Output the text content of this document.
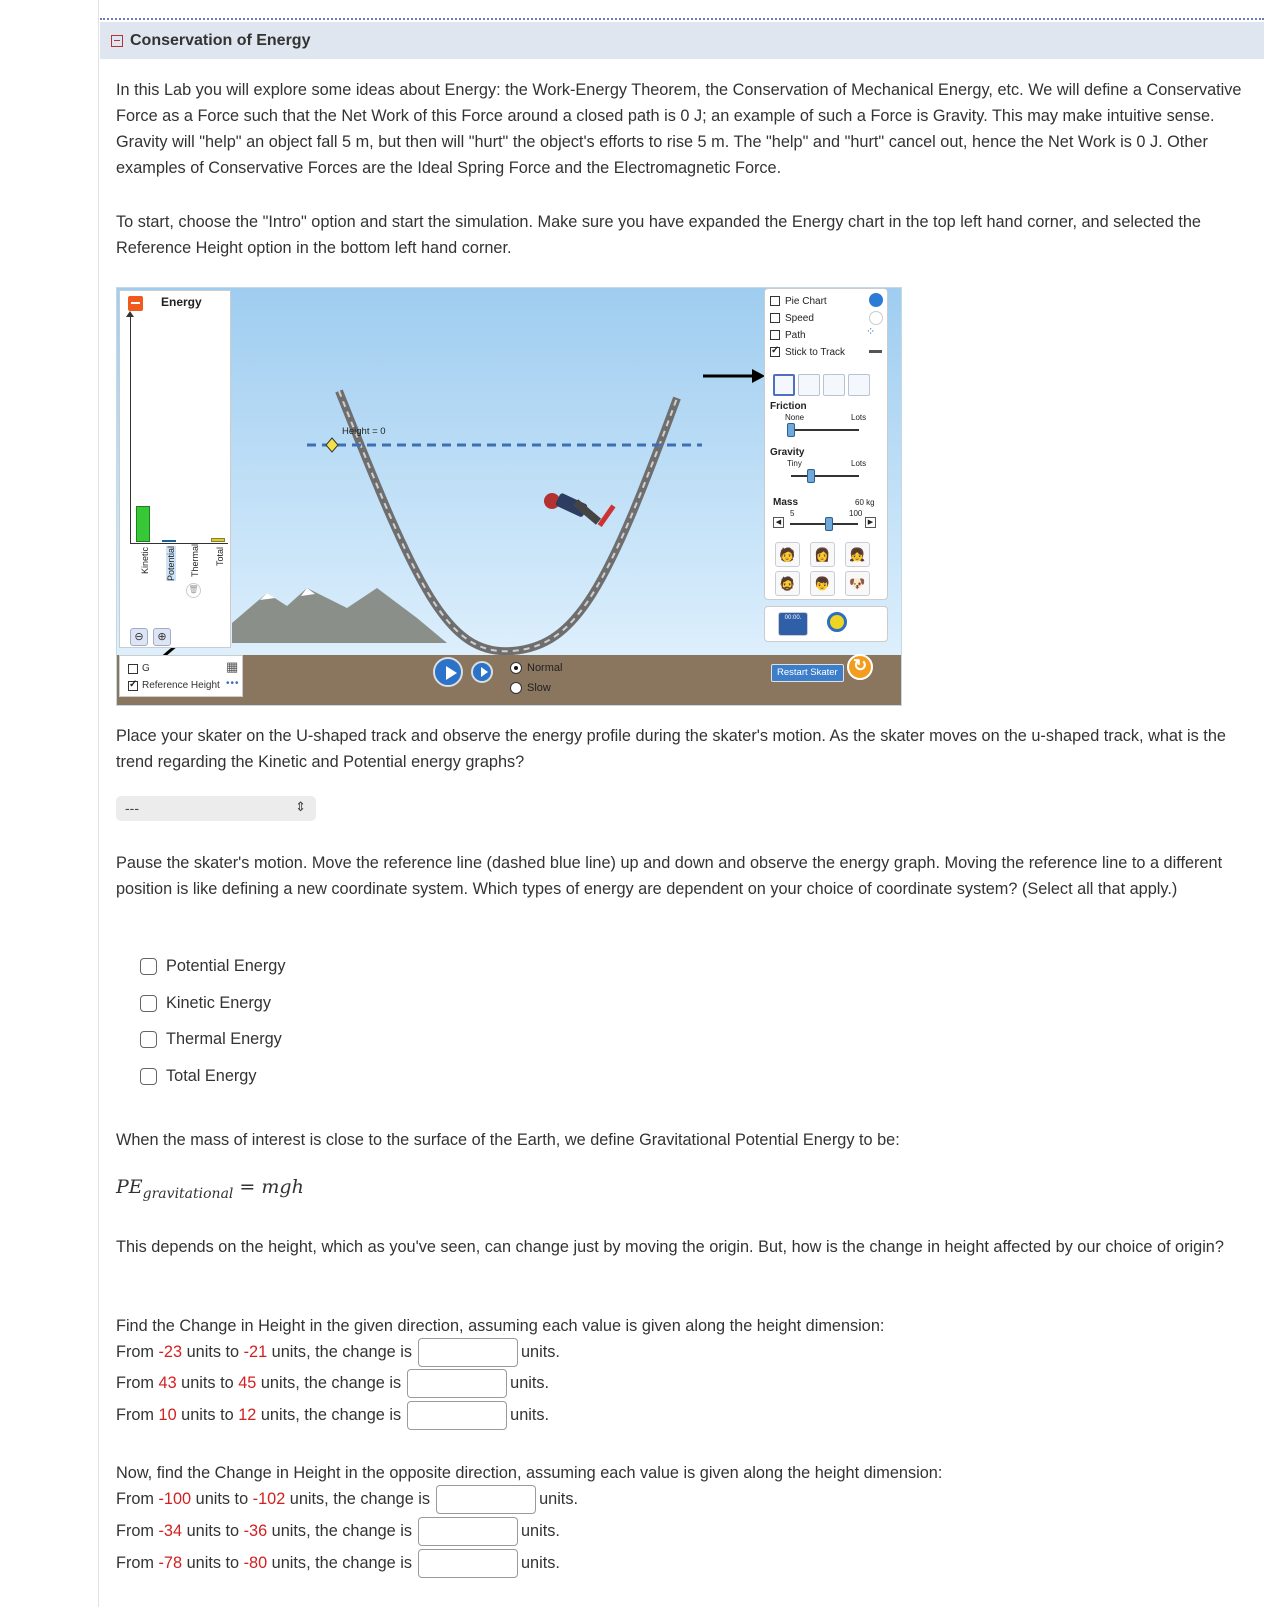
Conservation of Energy

In this Lab you will explore some ideas about Energy: the Work-Energy Theorem, the Conservation of Mechanical Energy, etc. We will define a Conservative Force as a Force such that the Net Work of this Force around a closed path is 0 J; an example of such a Force is Gravity. This may make intuitive sense. Gravity will "help" an object fall 5 m, but then will "hurt" the object's efforts to rise 5 m. The "help" and "hurt" cancel out, hence the Net Work is 0 J. Other examples of Conservative Forces are the Ideal Spring Force and the Electromagnetic Force.

To start, choose the "Intro" option and start the simulation. Make sure you have expanded the Energy chart in the top left hand corner, and selected the Reference Height option in the bottom left hand corner.

Height = 0
Energy
Kinetic Potential Thermal Total
🗑
⊖	⊕
G
✓
Reference Height
▦
•••
Normal
Slow
Pie Chart
Speed
Path
✓
Stick to Track
⁘
Friction
None	Lots
Gravity
Tiny	Lots
Mass	60 kg
5	100
◀	▶
🧑	👩	👧
🧔	👦	🐶
00:00.
Restart Skater
↻

Place your skater on the U-shaped track and observe the energy profile during the skater's motion. As the skater moves on the u-shaped track, what is the trend regarding the Kinetic and Potential energy graphs?

---	⇕

Pause the skater's motion. Move the reference line (dashed blue line) up and down and observe the energy graph. Moving the reference line to a different position is like defining a new coordinate system. Which types of energy are dependent on your choice of coordinate system? (Select all that apply.)

Potential Energy
Kinetic Energy
Thermal Energy
Total Energy

When the mass of interest is close to the surface of the Earth, we define Gravitational Potential Energy to be:

$PE_{gravitational}$ = mgh

This depends on the height, which as you've seen, can change just by moving the origin. But, how is the change in height affected by our choice of origin?

Find the Change in Height in the given direction, assuming each value is given along the height dimension:

From -23 units to -21 units, the change is	units.
From 43 units to 45 units, the change is	units.
From 10 units to 12 units, the change is	units.

Now, find the Change in Height in the opposite direction, assuming each value is given along the height dimension:

From -100 units to -102 units, the change is	units.
From -34 units to -36 units, the change is	units.
From -78 units to -80 units, the change is	units.
